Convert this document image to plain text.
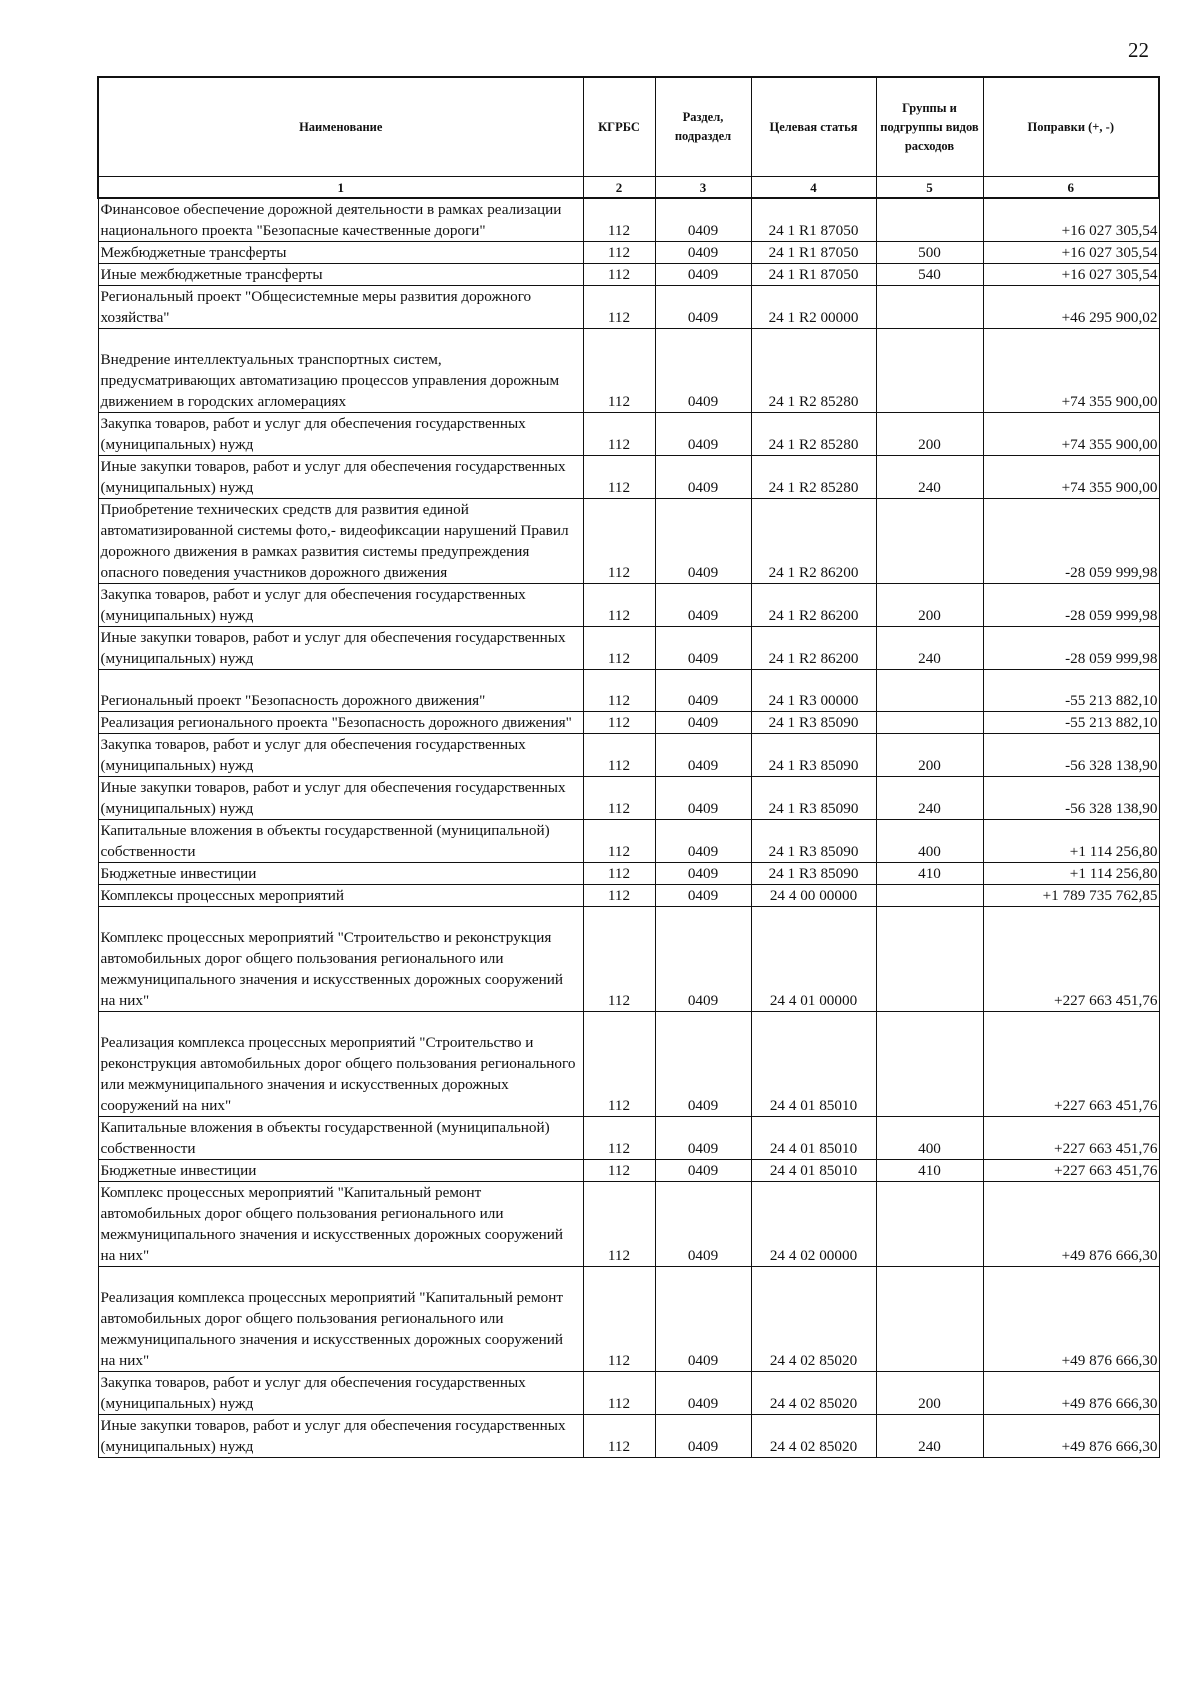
22
Наименование	КГРБС	Раздел, подраздел	Целевая статья	Группы и подгруппы видов расходов	Поправки (+, -)
1	2	3	4	5	6
Финансовое обеспечение дорожной деятельности в рамках реализации национального проекта "Безопасные качественные дороги"	112	0409	24 1 R1 87050		+16 027 305,54
Межбюджетные трансферты	112	0409	24 1 R1 87050	500	+16 027 305,54
Иные межбюджетные трансферты	112	0409	24 1 R1 87050	540	+16 027 305,54
Региональный проект "Общесистемные меры развития дорожного хозяйства"	112	0409	24 1 R2 00000		+46 295 900,02
Внедрение интеллектуальных транспортных систем, предусматривающих автоматизацию процессов управления дорожным движением в городских агломерациях	112	0409	24 1 R2 85280		+74 355 900,00
Закупка товаров, работ и услуг для обеспечения государственных (муниципальных) нужд	112	0409	24 1 R2 85280	200	+74 355 900,00
Иные закупки товаров, работ и услуг для обеспечения государственных (муниципальных) нужд	112	0409	24 1 R2 85280	240	+74 355 900,00
Приобретение технических средств для развития единой автоматизированной системы фото,- видеофиксации нарушений Правил дорожного движения в рамках развития системы предупреждения опасного поведения участников дорожного движения	112	0409	24 1 R2 86200		-28 059 999,98
Закупка товаров, работ и услуг для обеспечения государственных (муниципальных) нужд	112	0409	24 1 R2 86200	200	-28 059 999,98
Иные закупки товаров, работ и услуг для обеспечения государственных (муниципальных) нужд	112	0409	24 1 R2 86200	240	-28 059 999,98
Региональный проект "Безопасность дорожного движения"	112	0409	24 1 R3 00000		-55 213 882,10
Реализация регионального проекта "Безопасность дорожного движения"	112	0409	24 1 R3 85090		-55 213 882,10
Закупка товаров, работ и услуг для обеспечения государственных (муниципальных) нужд	112	0409	24 1 R3 85090	200	-56 328 138,90
Иные закупки товаров, работ и услуг для обеспечения государственных (муниципальных) нужд	112	0409	24 1 R3 85090	240	-56 328 138,90
Капитальные вложения в объекты государственной (муниципальной) собственности	112	0409	24 1 R3 85090	400	+1 114 256,80
Бюджетные инвестиции	112	0409	24 1 R3 85090	410	+1 114 256,80
Комплексы процессных мероприятий	112	0409	24 4 00 00000		+1 789 735 762,85
Комплекс процессных мероприятий "Строительство и реконструкция автомобильных дорог общего пользования регионального или межмуниципального значения и искусственных дорожных сооружений на них"	112	0409	24 4 01 00000		+227 663 451,76
Реализация комплекса процессных мероприятий "Строительство и реконструкция автомобильных дорог общего пользования регионального или межмуниципального значения и искусственных дорожных сооружений на них"	112	0409	24 4 01 85010		+227 663 451,76
Капитальные вложения в объекты государственной (муниципальной) собственности	112	0409	24 4 01 85010	400	+227 663 451,76
Бюджетные инвестиции	112	0409	24 4 01 85010	410	+227 663 451,76
Комплекс процессных мероприятий "Капитальный ремонт автомобильных дорог общего пользования регионального или межмуниципального значения и искусственных дорожных сооружений на них"	112	0409	24 4 02 00000		+49 876 666,30
Реализация комплекса процессных мероприятий "Капитальный ремонт автомобильных дорог общего пользования регионального или межмуниципального значения и искусственных дорожных сооружений на них"	112	0409	24 4 02 85020		+49 876 666,30
Закупка товаров, работ и услуг для обеспечения государственных (муниципальных) нужд	112	0409	24 4 02 85020	200	+49 876 666,30
Иные закупки товаров, работ и услуг для обеспечения государственных (муниципальных) нужд	112	0409	24 4 02 85020	240	+49 876 666,30
